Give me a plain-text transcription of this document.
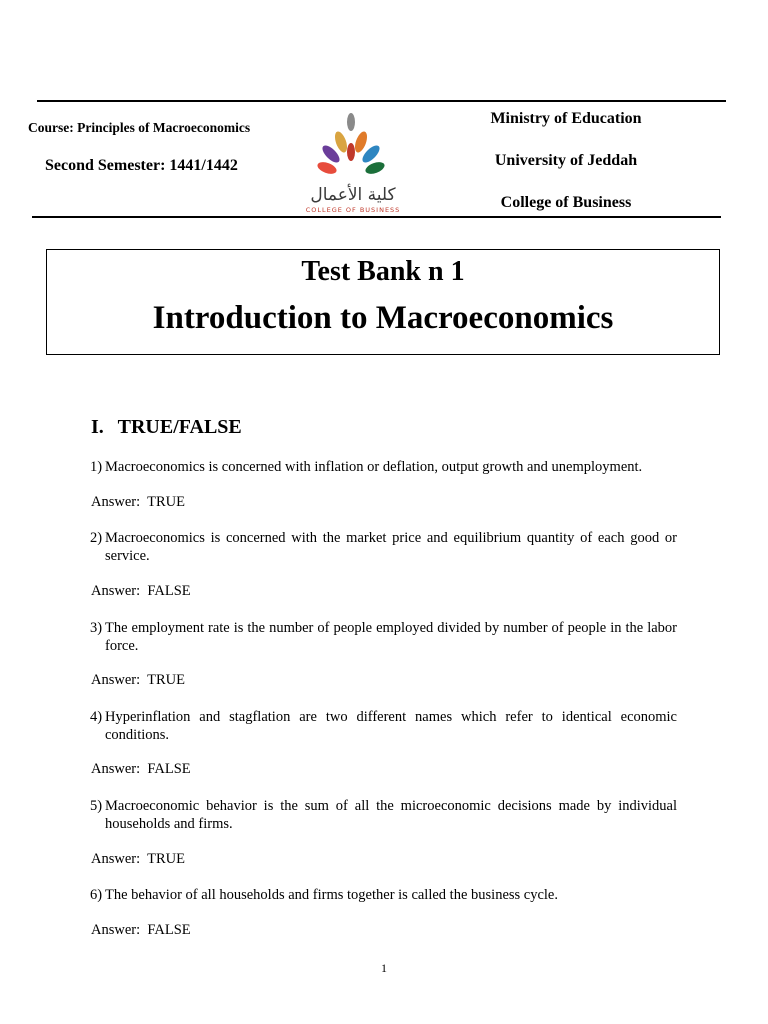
Course: Principles of Macroeconomics
Second Semester: 1441/1442
كلية الأعمال
COLLEGE OF BUSINESS
Ministry of Education
University of Jeddah
College of Business
Test Bank n 1
Introduction to Macroeconomics
I. TRUE/FALSE
1) Macroeconomics is concerned with inflation or deflation, output growth and unemployment.
Answer:  TRUE
2) Macroeconomics is concerned with the market price and equilibrium quantity of each good or service.
Answer:  FALSE
3) The employment rate is the number of people employed divided by number of people in the labor force.
Answer:  TRUE
4) Hyperinflation and stagflation are two different names which refer to identical economic conditions.
Answer:  FALSE
5) Macroeconomic behavior is the sum of all the microeconomic decisions made by individual households and firms.
Answer:  TRUE
6) The behavior of all households and firms together is called the business cycle.
Answer:  FALSE
1
